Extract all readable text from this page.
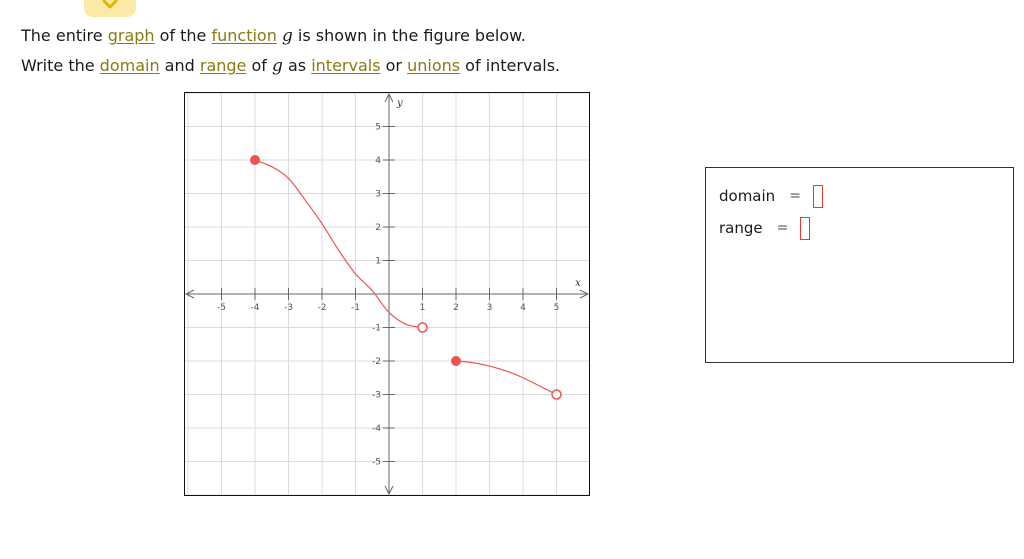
The entire graph of the function g is shown in the figure below.
Write the domain and range of g as intervals or unions of intervals.
x
y
-5	-4	-3	-2	-1	1	2	3	4	5
-5
-4
-3
-2
-1
1
2
3
4
5
domain =
range =
